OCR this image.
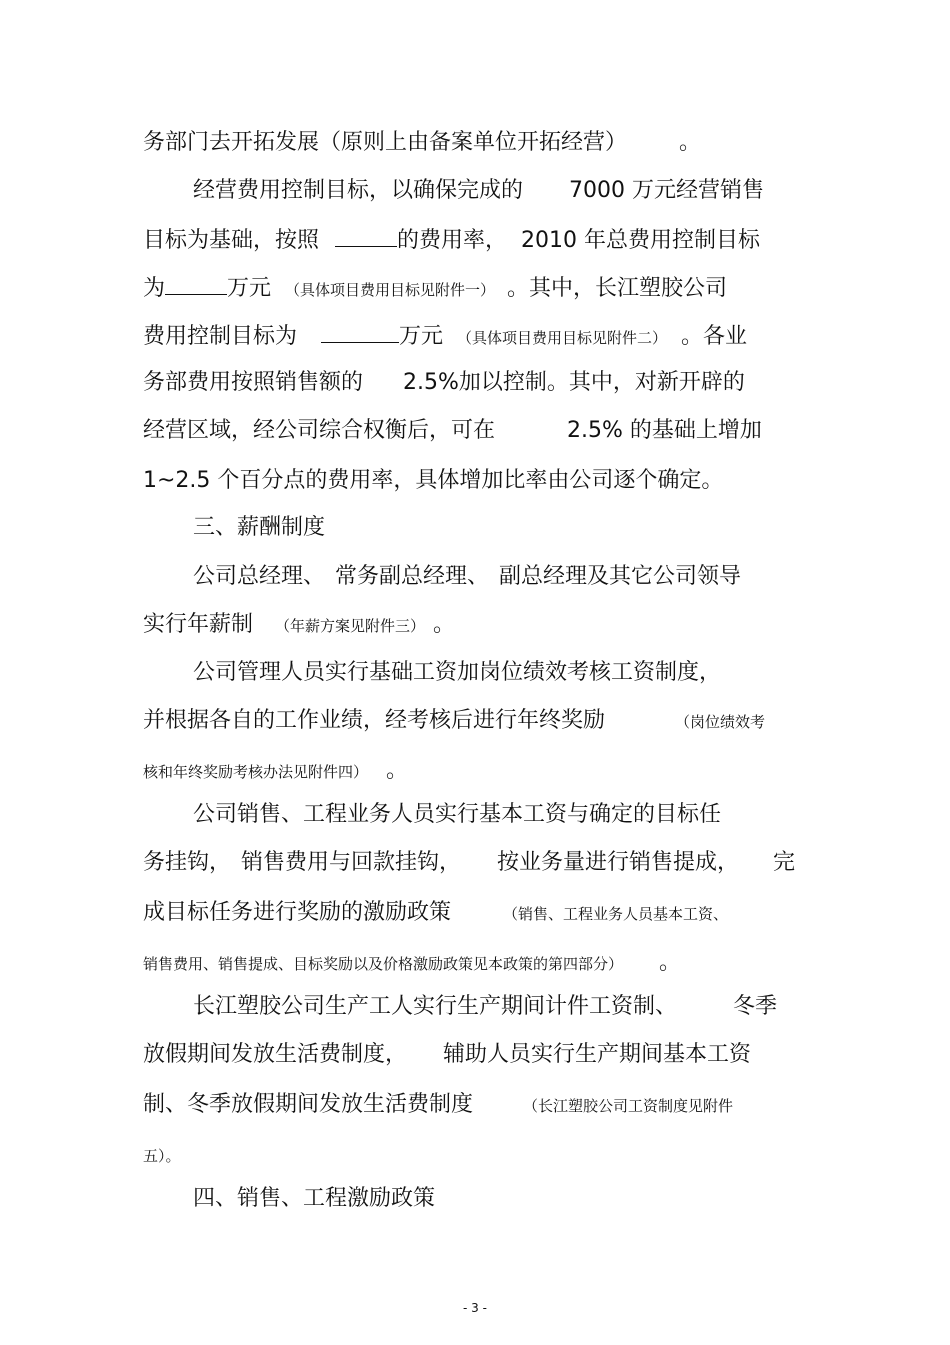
务部门去开拓发展（原则上由备案单位开拓经营） 。
经营费用控制目标，以确保完成的 7000 万元经营销售
目标为基础，按照	的费用率， 2010 年总费用控制目标
为	万元 （具体项目费用目标见附件一） 。其中，长江塑胶公司
费用控制目标为	万元 （具体项目费用目标见附件二） 。各业
务部费用按照销售额的 2.5%加以控制。其中，对新开辟的
经营区域，经公司综合权衡后，可在	2.5% 的基础上增加
1~2.5 个百分点的费用率，具体增加比率由公司逐个确定。
三、薪酬制度
公司总经理、 常务副总经理、 副总经理及其它公司领导
实行年薪制 （年薪方案见附件三） 。
公司管理人员实行基础工资加岗位绩效考核工资制度，
并根据各自的工作业绩，经考核后进行年终奖励	（岗位绩效考
核和年终奖励考核办法见附件四） 。
公司销售、工程业务人员实行基本工资与确定的目标任
务挂钩， 销售费用与回款挂钩， 按业务量进行销售提成， 完
成目标任务进行奖励的激励政策	（销售、工程业务人员基本工资、
销售费用、销售提成、目标奖励以及价格激励政策见本政策的第四部分） 。
长江塑胶公司生产工人实行生产期间计件工资制、	冬季
放假期间发放生活费制度， 辅助人员实行生产期间基本工资
制、冬季放假期间发放生活费制度	（长江塑胶公司工资制度见附件
五）。
四、销售、工程激励政策
- 3 -
